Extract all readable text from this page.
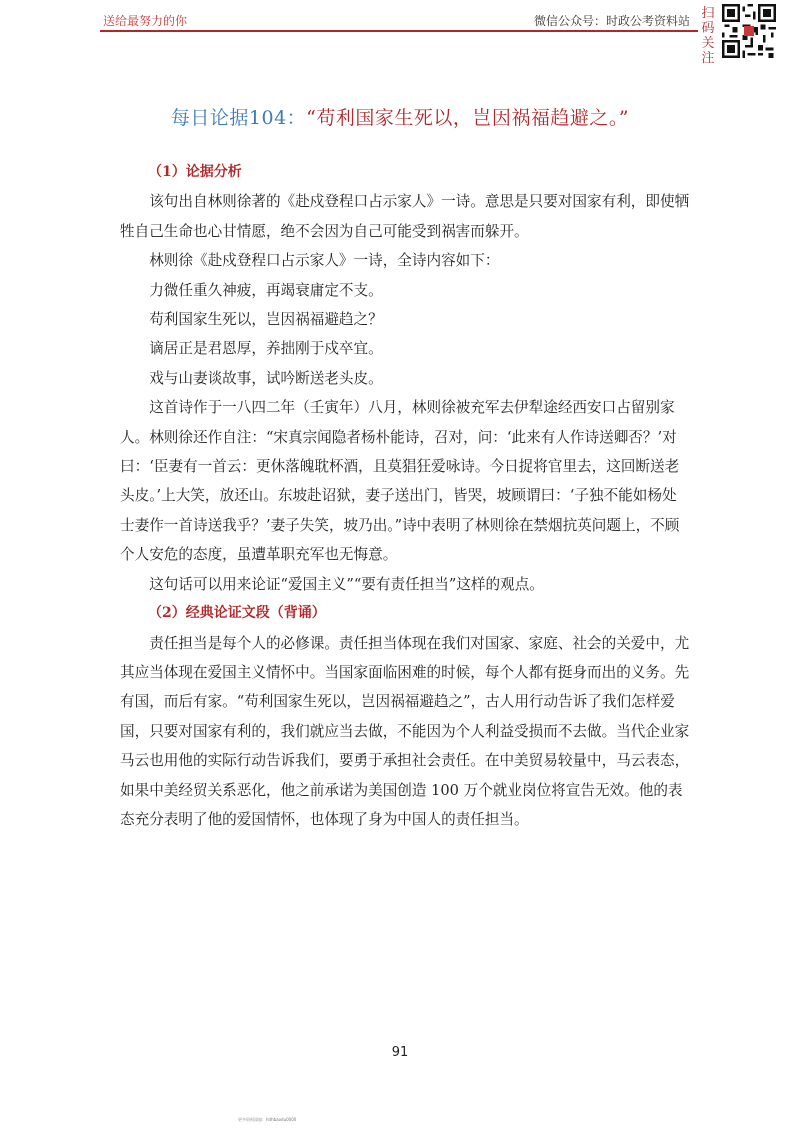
送给最努力的你	微信公众号：时政公考资料站 扫码关注
每日论据104：“苟利国家生死以，岂因祸福趋避之。”

（1）论据分析

该句出自林则徐著的《赴戍登程口占示家人》一诗。意思是只要对国家有利，即使牺牲自己生命也心甘情愿，绝不会因为自己可能受到祸害而躲开。

林则徐《赴戍登程口占示家人》一诗，全诗内容如下：

力微任重久神疲，再竭衰庸定不支。

苟利国家生死以，岂因祸福避趋之？

谪居正是君恩厚，养拙刚于戍卒宜。

戏与山妻谈故事，试吟断送老头皮。

这首诗作于一八四二年（壬寅年）八月，林则徐被充军去伊犁途经西安口占留别家人。林则徐还作自注：“宋真宗闻隐者杨朴能诗，召对，问：‘此来有人作诗送卿否？’对曰：‘臣妻有一首云：更休落魄耽杯酒，且莫猖狂爱咏诗。今日捉将官里去，这回断送老头皮。’上大笑，放还山。东坡赴诏狱，妻子送出门，皆哭，坡顾谓曰：‘子独不能如杨处士妻作一首诗送我乎？’妻子失笑，坡乃出。”诗中表明了林则徐在禁烟抗英问题上，不顾个人安危的态度，虽遭革职充军也无悔意。

这句话可以用来论证“爱国主义”“要有责任担当”这样的观点。

（2）经典论证文段（背诵）

责任担当是每个人的必修课。责任担当体现在我们对国家、家庭、社会的关爱中，尤其应当体现在爱国主义情怀中。当国家面临困难的时候，每个人都有挺身而出的义务。先有国，而后有家。“苟利国家生死以，岂因祸福避趋之”，古人用行动告诉了我们怎样爱国，只要对国家有利的，我们就应当去做，不能因为个人利益受损而不去做。当代企业家马云也用他的实际行动告诉我们，要勇于承担社会责任。在中美贸易较量中，马云表态，如果中美经贸关系恶化，他之前承诺为美国创造 100 万个就业岗位将宣告无效。他的表态充分表明了他的爱国情怀，也体现了身为中国人的责任担当。

91
更多资料添加：hdhbaodu0000
